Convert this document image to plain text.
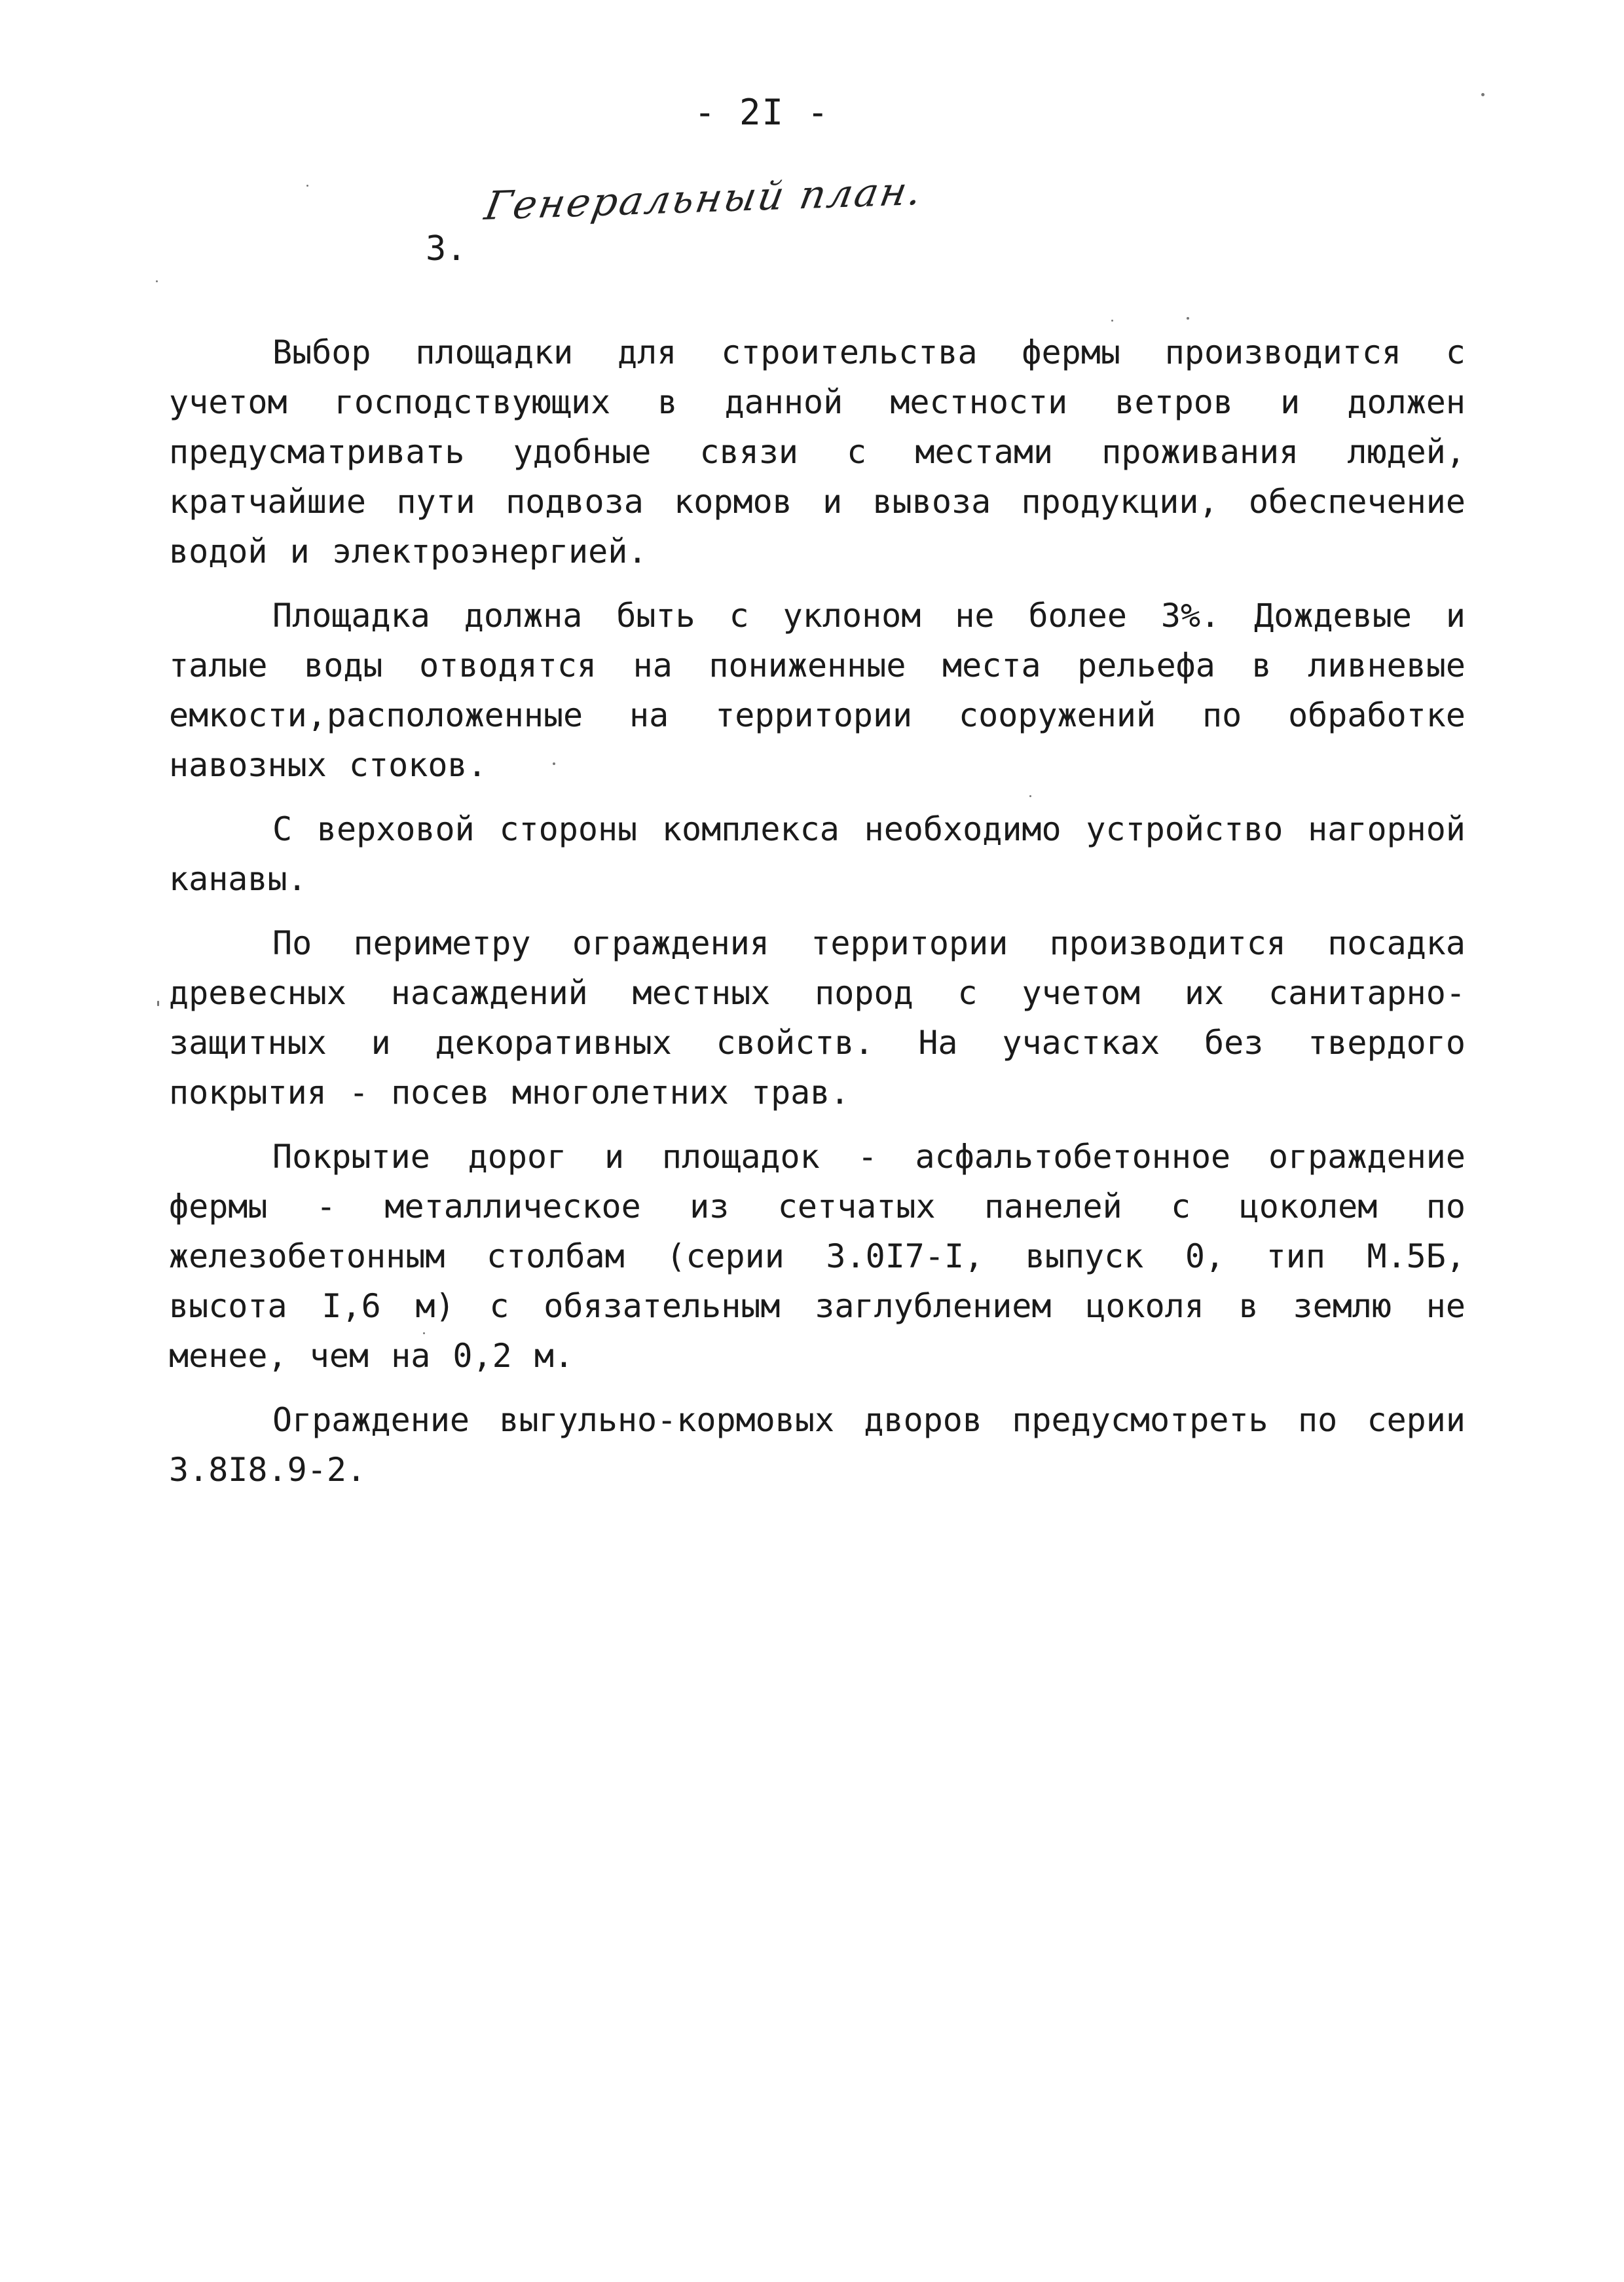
- 2I -
Генеральный план.
3.

Выбор площадки для строительства фермы производится с учетом господствующих в данной местности ветров и должен предусматривать удобные связи с местами проживания людей, кратчайшие пути подвоза кормов и вывоза продукции, обеспечение водой и электроэнергией.

Площадка должна быть с уклоном не более 3%. Дождевые и талые воды отводятся на пониженные места рельефа в ливневые емкости,расположенные на территории сооружений по обработке навозных стоков.

С верховой стороны комплекса необходимо устройство нагорной канавы.

По периметру ограждения территории производится посадка древесных насаждений местных пород с учетом их санитарно-защитных и декоративных свойств. На участках без твердого покрытия - посев многолетних трав.

Покрытие дорог и площадок - асфальтобетонное ограждение фермы - металлическое из сетчатых панелей с цоколем по железобетонным столбам (серии 3.0I7-I, выпуск 0, тип М.5Б, высота I,6 м) с обязательным заглублением цоколя в землю не менее, чем на 0,2 м.

Ограждение выгульно-кормовых дворов предусмотреть по серии 3.8I8.9-2.
